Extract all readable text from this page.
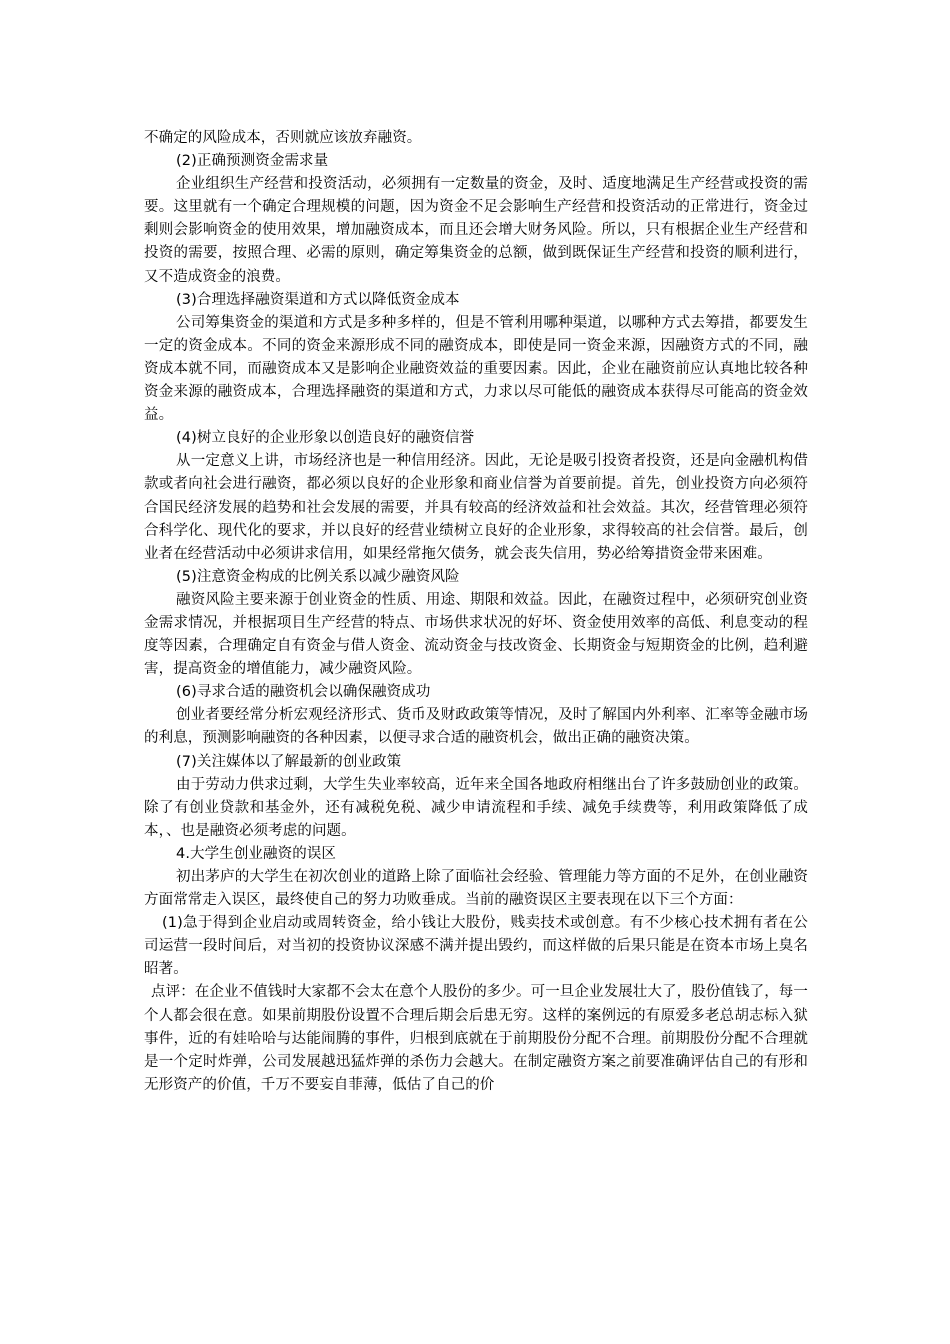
不确定的风险成本，否则就应该放弃融资。

(2)正确预测资金需求量

企业组织生产经营和投资活动，必须拥有一定数量的资金，及时、适度地满足生产经营或投资的需要。这里就有一个确定合理规模的问题，因为资金不足会影响生产经营和投资活动的正常进行，资金过剩则会影响资金的使用效果，增加融资成本，而且还会增大财务风险。所以，只有根据企业生产经营和投资的需要，按照合理、必需的原则，确定筹集资金的总额，做到既保证生产经营和投资的顺利进行，又不造成资金的浪费。

(3)合理选择融资渠道和方式以降低资金成本

公司筹集资金的渠道和方式是多种多样的，但是不管利用哪种渠道，以哪种方式去筹措，都要发生一定的资金成本。不同的资金来源形成不同的融资成本，即使是同一资金来源，因融资方式的不同，融资成本就不同，而融资成本又是影响企业融资效益的重要因素。因此，企业在融资前应认真地比较各种资金来源的融资成本，合理选择融资的渠道和方式，力求以尽可能低的融资成本获得尽可能高的资金效益。

(4)树立良好的企业形象以创造良好的融资信誉

从一定意义上讲，市场经济也是一种信用经济。因此，无论是吸引投资者投资，还是向金融机构借款或者向社会进行融资，都必须以良好的企业形象和商业信誉为首要前提。首先，创业投资方向必须符合国民经济发展的趋势和社会发展的需要，并具有较高的经济效益和社会效益。其次，经营管理必须符合科学化、现代化的要求，并以良好的经营业绩树立良好的企业形象，求得较高的社会信誉。最后，创业者在经营活动中必须讲求信用，如果经常拖欠债务，就会丧失信用，势必给筹措资金带来困难。

(5)注意资金构成的比例关系以减少融资风险

融资风险主要来源于创业资金的性质、用途、期限和效益。因此，在融资过程中，必须研究创业资金需求情况，并根据项目生产经营的特点、市场供求状况的好坏、资金使用效率的高低、利息变动的程度等因素，合理确定自有资金与借人资金、流动资金与技改资金、长期资金与短期资金的比例，趋利避害，提高资金的增值能力，减少融资风险。

(6)寻求合适的融资机会以确保融资成功

创业者要经常分析宏观经济形式、货币及财政政策等情况，及时了解国内外利率、汇率等金融市场的利息，预测影响融资的各种因素，以便寻求合适的融资机会，做出正确的融资决策。

(7)关注媒体以了解最新的创业政策

由于劳动力供求过剩，大学生失业率较高，近年来全国各地政府相继出台了许多鼓励创业的政策。除了有创业贷款和基金外，还有减税免税、减少申请流程和手续、减免手续费等，利用政策降低了成本，、也是融资必须考虑的问题。

4.大学生创业融资的误区

初出茅庐的大学生在初次创业的道路上除了面临社会经验、管理能力等方面的不足外，在创业融资方面常常走入误区，最终使自己的努力功败垂成。当前的融资误区主要表现在以下三个方面：

(1)急于得到企业启动或周转资金，给小钱让大股份，贱卖技术或创意。有不少核心技术拥有者在公司运营一段时间后，对当初的投资协议深感不满并提出毁约，而这样做的后果只能是在资本市场上臭名昭著。

点评：在企业不值钱时大家都不会太在意个人股份的多少。可一旦企业发展壮大了，股份值钱了，每一个人都会很在意。如果前期股份设置不合理后期会后患无穷。这样的案例远的有原爱多老总胡志标入狱事件，近的有娃哈哈与达能闹腾的事件，归根到底就在于前期股份分配不合理。前期股份分配不合理就是一个定时炸弹，公司发展越迅猛炸弹的杀伤力会越大。在制定融资方案之前要准确评估自己的有形和无形资产的价值，千万不要妄自菲薄，低估了自己的价
